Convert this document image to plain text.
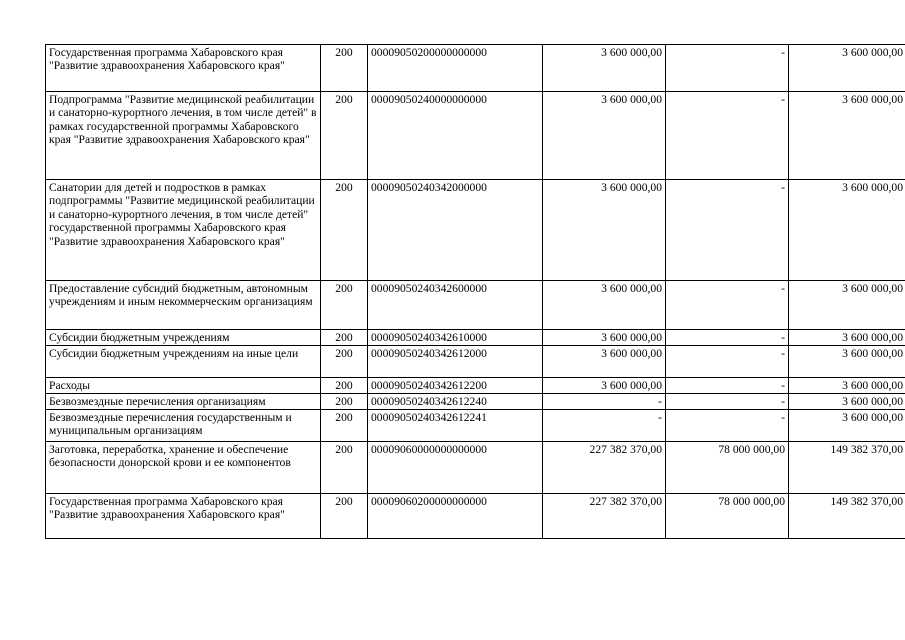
Государственная программа Хабаровского края "Развитие здравоохранения Хабаровского края"	200	00009050200000000000	3 600 000,00	-	3 600 000,00
Подпрограмма "Развитие медицинской реабилитации и санаторно-курортного лечения, в том числе детей" в рамках государственной программы Хабаровского края "Развитие здравоохранения Хабаровского края"	200	00009050240000000000	3 600 000,00	-	3 600 000,00
Санатории для детей и подростков в рамках подпрограммы "Развитие медицинской реабилитации и санаторно-курортного лечения, в том числе детей" государственной программы Хабаровского края "Развитие здравоохранения Хабаровского края"	200	00009050240342000000	3 600 000,00	-	3 600 000,00
Предоставление субсидий бюджетным, автономным учреждениям и иным некоммерческим организациям	200	00009050240342600000	3 600 000,00	-	3 600 000,00
Субсидии бюджетным учреждениям	200	00009050240342610000	3 600 000,00	-	3 600 000,00
Субсидии бюджетным учреждениям на иные цели	200	00009050240342612000	3 600 000,00	-	3 600 000,00
Расходы	200	00009050240342612200	3 600 000,00	-	3 600 000,00
Безвозмездные перечисления организациям	200	00009050240342612240	-	-	3 600 000,00
Безвозмездные перечисления государственным и муниципальным организациям	200	00009050240342612241	-	-	3 600 000,00
Заготовка, переработка, хранение и обеспечение безопасности донорской крови и ее компонентов	200	00009060000000000000	227 382 370,00	78 000 000,00	149 382 370,00
Государственная программа Хабаровского края "Развитие здравоохранения Хабаровского края"	200	00009060200000000000	227 382 370,00	78 000 000,00	149 382 370,00
